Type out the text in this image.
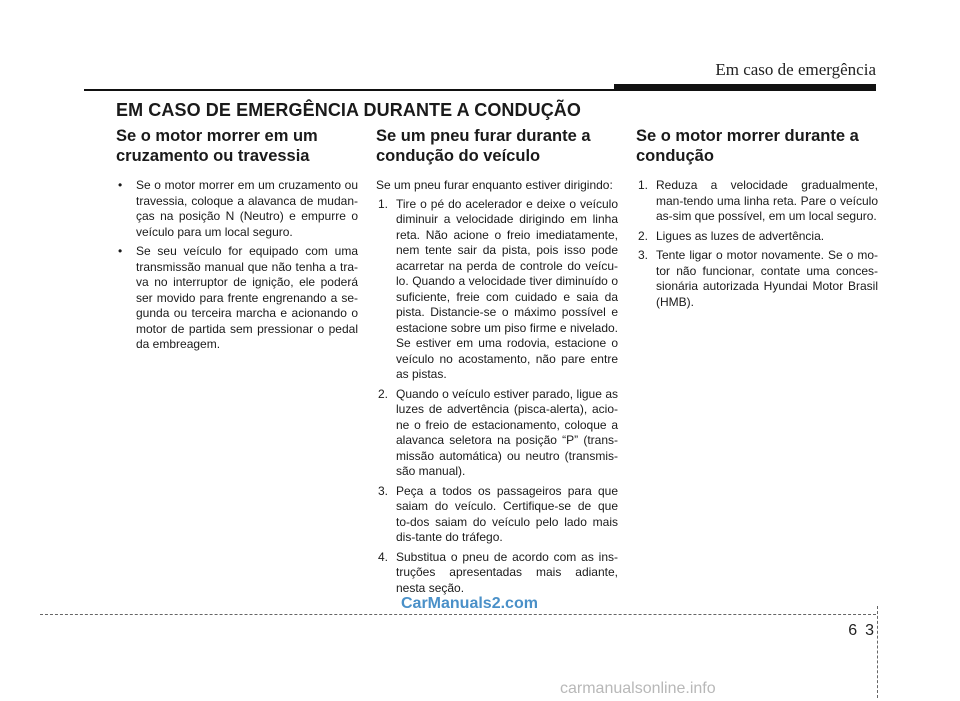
Em caso de emergência
EM CASO DE EMERGÊNCIA DURANTE A CONDUÇÃO
Se o motor morrer em um cruzamento ou travessia
• Se o motor morrer em um cruzamento ou travessia, coloque a alavanca de mudan-ças na posição N (Neutro) e empurre o veículo para um local seguro.
• Se seu veículo for equipado com uma transmissão manual que não tenha a tra-va no interruptor de ignição, ele poderá ser movido para frente engrenando a se-gunda ou terceira marcha e acionando o motor de partida sem pressionar o pedal da embreagem.
Se um pneu furar durante a condução do veículo

Se um pneu furar enquanto estiver dirigindo:

1. Tire o pé do acelerador e deixe o veículo diminuir a velocidade dirigindo em linha reta. Não acione o freio imediatamente, nem tente sair da pista, pois isso pode acarretar na perda de controle do veícu-lo. Quando a velocidade tiver diminuído o suficiente, freie com cuidado e saia da pista. Distancie-se o máximo possível e estacione sobre um piso firme e nivelado. Se estiver em uma rodovia, estacione o veículo no acostamento, não pare entre as pistas.
2. Quando o veículo estiver parado, ligue as luzes de advertência (pisca-alerta), acio-ne o freio de estacionamento, coloque a alavanca seletora na posição “P” (trans-missão automática) ou neutro (transmis-são manual).
3. Peça a todos os passageiros para que saiam do veículo. Certifique-se de que to-dos saiam do veículo pelo lado mais dis-tante do tráfego.
4. Substitua o pneu de acordo com as ins-truções apresentadas mais adiante, nesta seção.
Se o motor morrer durante a condução
1. Reduza a velocidade gradualmente, man-tendo uma linha reta. Pare o veículo as-sim que possível, em um local seguro.
2. Ligues as luzes de advertência.
3. Tente ligar o motor novamente. Se o mo-tor não funcionar, contate uma conces-sionária autorizada Hyundai Motor Brasil (HMB).
CarManuals2.com
6 3
carmanualsonline.info
